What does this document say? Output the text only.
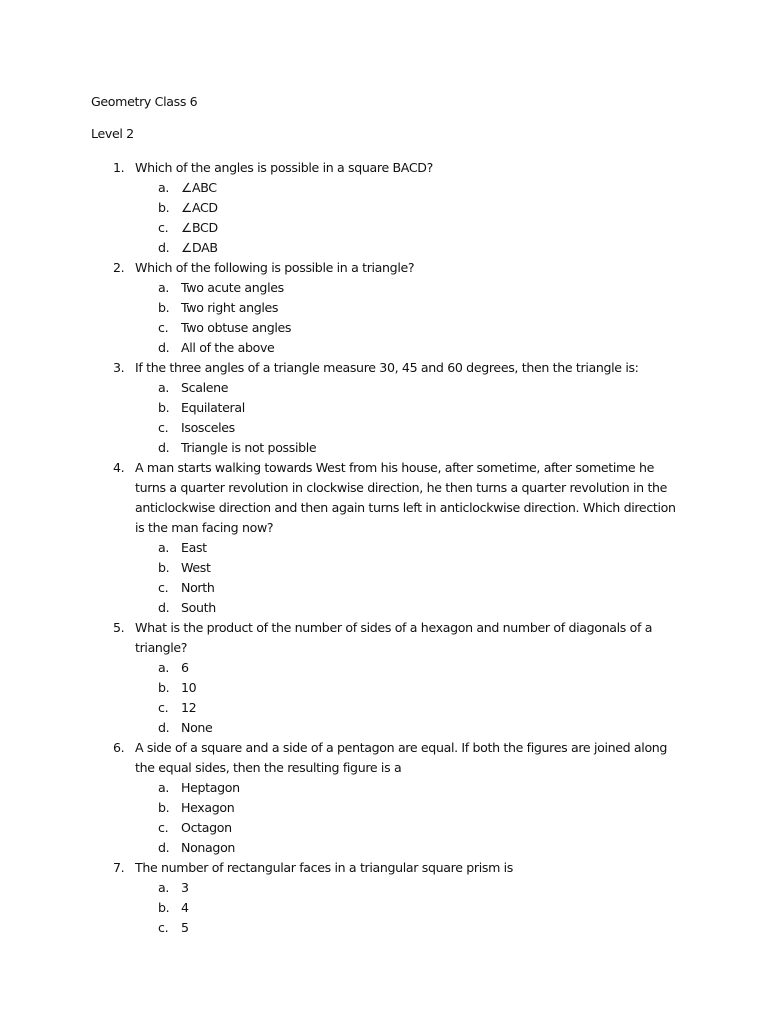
Geometry Class 6
Level 2
1. Which of the angles is possible in a square BACD?
a. ∠ABC
b. ∠ACD
c.	∠BCD
d. ∠DAB
2. Which of the following is possible in a triangle?
a. Two acute angles
b. Two right angles
c.	Two obtuse angles
d. All of the above
3. If the three angles of a triangle measure 30, 45 and 60 degrees, then the triangle is:
a. Scalene
b. Equilateral
c.	Isosceles
d. Triangle is not possible
4. A man starts walking towards West from his house, after sometime, after sometime he turns a quarter revolution in clockwise direction, he then turns a quarter revolution in the anticlockwise direction and then again turns left in anticlockwise direction. Which direction is the man facing now?
a. East
b. West
c.	North
d. South
5. What is the product of the number of sides of a hexagon and number of diagonals of a triangle?
a. 6
b. 10
c.	12
d. None
6. A side of a square and a side of a pentagon are equal. If both the figures are joined along the equal sides, then the resulting figure is a
a. Heptagon
b. Hexagon
c.	Octagon
d. Nonagon
7. The number of rectangular faces in a triangular square prism is
a. 3
b. 4
c.	5
